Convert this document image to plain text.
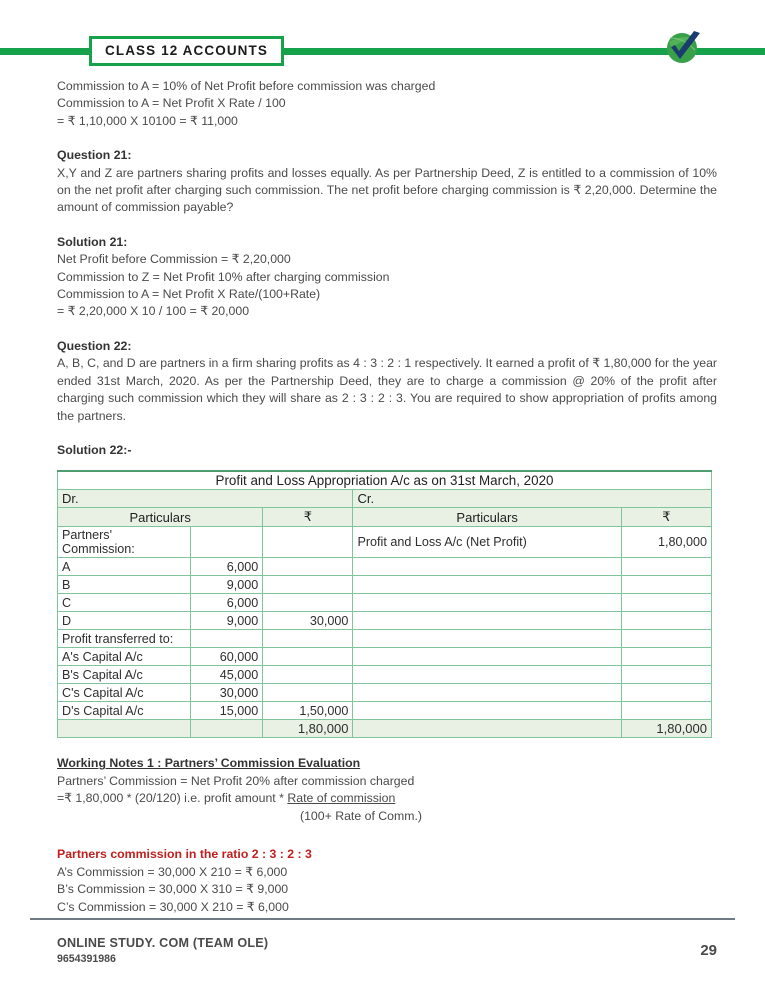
CLASS 12 ACCOUNTS

Commission to A = 10% of Net Profit before commission was charged

Commission to A = Net Profit X Rate / 100

= ₹ 1,10,000 X 10100 = ₹ 11,000

Question 21:

X,Y and Z are partners sharing profits and losses equally. As per Partnership Deed, Z is entitled to a commission of 10% on the net profit after charging such commission. The net profit before charging commission is ₹ 2,20,000. Determine the amount of commission payable?

Solution 21:

Net Profit before Commission = ₹ 2,20,000

Commission to Z = Net Profit 10% after charging commission

Commission to A = Net Profit X Rate/(100+Rate)

= ₹ 2,20,000 X 10 / 100 = ₹ 20,000

Question 22:

A, B, C, and D are partners in a firm sharing profits as 4 : 3 : 2 : 1 respectively. It earned a profit of ₹ 1,80,000 for the year ended 31st March, 2020. As per the Partnership Deed, they are to charge a commission @ 20% of the profit after charging such commission which they will share as 2 : 3 : 2 : 3. You are required to show appropriation of profits among the partners.

Solution 22:-

Profit and Loss Appropriation A/c as on 31st March, 2020				
Dr.			Cr.	
Particulars		₹	Particulars	₹
Partners' Commission:			Profit and Loss A/c (Net Profit)	1,80,000
A	6,000			
B	9,000			
C	6,000			
D	9,000	30,000		
Profit transferred to:				
A's Capital A/c	60,000			
B's Capital A/c	45,000			
C's Capital A/c	30,000			
D's Capital A/c	15,000	1,50,000		
		1,80,000		1,80,000

Working Notes 1 : Partners’ Commission Evaluation

Partners’ Commission = Net Profit 20% after commission charged

=₹ 1,80,000 * (20/120) i.e. profit amount * Rate of commission

(100+ Rate of Comm.)

Partners commission in the ratio 2 : 3 : 2 : 3

A’s Commission = 30,000 X 210 = ₹ 6,000

B’s Commission = 30,000 X 310 = ₹ 9,000

C’s Commission = 30,000 X 210 = ₹ 6,000

ONLINE STUDY. COM (TEAM OLE)
9654391986	29
